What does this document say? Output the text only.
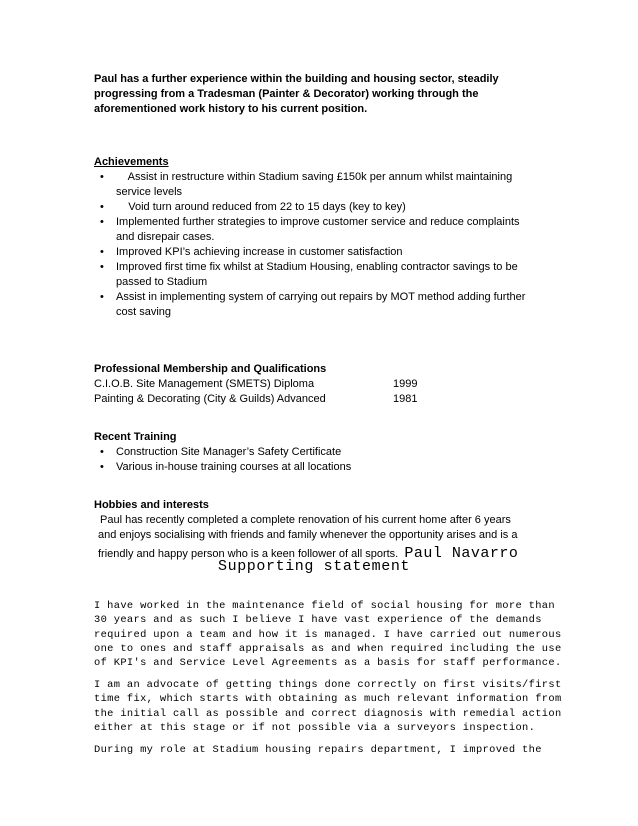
Paul has a further experience within the building and housing sector, steadily
progressing from a Tradesman (Painter & Decorator) working through the
aforementioned work history to his current position.
Achievements
• Assist in restructure within Stadium saving £150k per annum whilst maintaining
service levels
• Void turn around reduced from 22 to 15 days (key to key)
• Implemented further strategies to improve customer service and reduce complaints
and disrepair cases.
• Improved KPI’s achieving increase in customer satisfaction
• Improved first time fix whilst at Stadium Housing, enabling contractor savings to be
passed to Stadium
• Assist in implementing system of carrying out repairs by MOT method adding further
cost saving
Professional Membership and Qualifications
C.I.O.B. Site Management (SMETS) Diploma	1999
Painting & Decorating (City & Guilds) Advanced	1981
Recent Training
• Construction Site Manager’s Safety Certificate
• Various in-house training courses at all locations
Hobbies and interests
Paul has recently completed a complete renovation of his current home after 6 years
and enjoys socialising with friends and family whenever the opportunity arises and is a
friendly and happy person who is a keen follower of all sports. Paul Navarro
Supporting statement
I have worked in the maintenance field of social housing for more than
30 years and as such I believe I have vast experience of the demands
required upon a team and how it is managed. I have carried out numerous
one to ones and staff appraisals as and when required including the use
of KPI's and Service Level Agreements as a basis for staff performance.
I am an advocate of getting things done correctly on first visits/first
time fix, which starts with obtaining as much relevant information from
the initial call as possible and correct diagnosis with remedial action
either at this stage or if not possible via a surveyors inspection.
During my role at Stadium housing repairs department, I improved the
